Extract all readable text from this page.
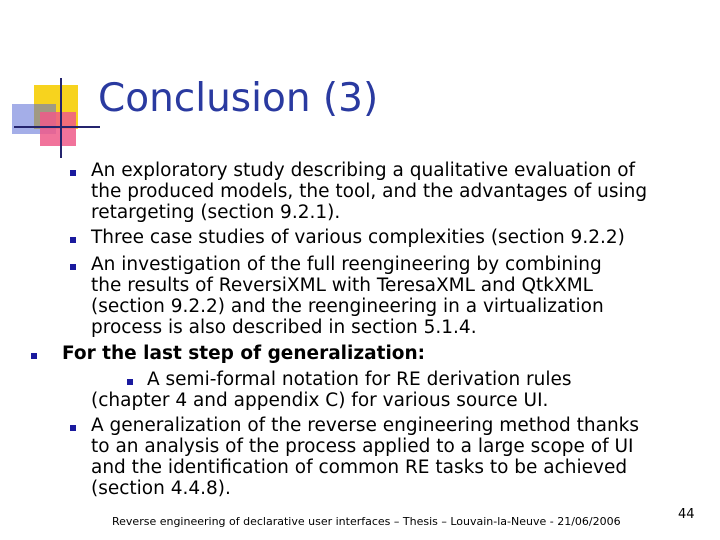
Conclusion (3)

An exploratory study describing a qualitative evaluation of the produced models, the tool, and the advantages of using retargeting (section 9.2.1).

Three case studies of various complexities (section 9.2.2)

An investigation of the full reengineering by combining the results of ReversiXML with TeresaXML and QtkXML (section 9.2.2) and the reengineering in a virtualization process is also described in section 5.1.4.

For the last step of generalization:

A semi-formal notation for RE derivation rules (chapter 4 and appendix C) for various source UI.

A generalization of the reverse engineering method thanks to an analysis of the process applied to a large scope of UI and the identification of common RE tasks to be achieved (section 4.4.8).

Reverse engineering of declarative user interfaces – Thesis – Louvain-la-Neuve - 21/06/2006	44
